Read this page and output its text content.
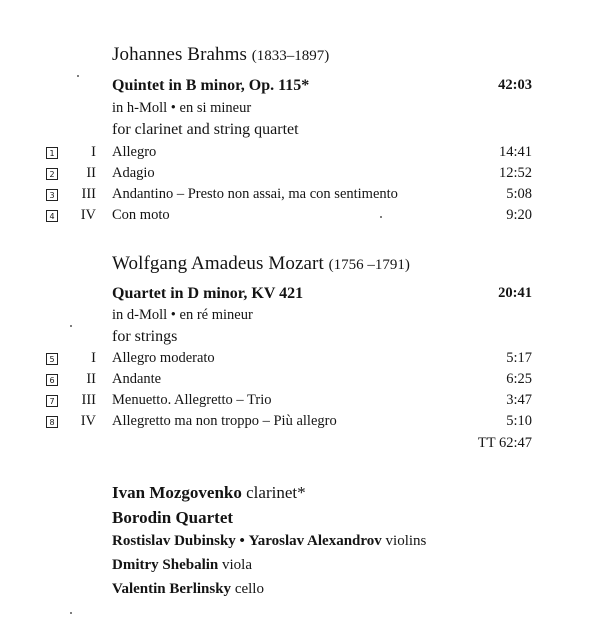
Johannes Brahms (1833–1897)
Quintet in B minor, Op. 115*	42:03
in h-Moll • en si mineur
for clarinet and string quartet
1	I Allegro	14:41
2 II Adagio	12:52
3 III Andantino – Presto non assai, ma con sentimento	5:08
4 IV Con moto	9:20
Wolfgang Amadeus Mozart (1756 –1791)
Quartet in D minor, KV 421	20:41
in d-Moll • en ré mineur
for strings
5	I Allegro moderato	5:17
6 II Andante	6:25
7 III Menuetto. Allegretto – Trio	3:47
8 IV Allegretto ma non troppo – Più allegro	5:10
TT 62:47
Ivan Mozgovenko clarinet*
Borodin Quartet
Rostislav Dubinsky • Yaroslav Alexandrov violins
Dmitry Shebalin viola
Valentin Berlinsky cello
